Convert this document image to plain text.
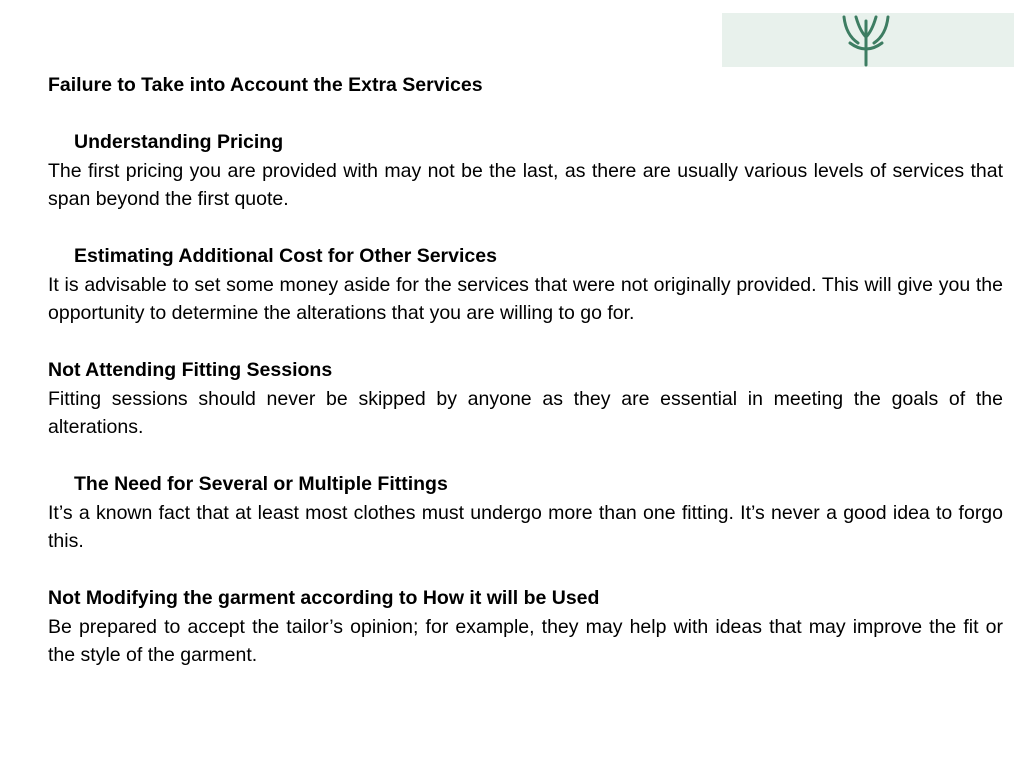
Failure to Take into Account the Extra Services

Understanding Pricing

The first pricing you are provided with may not be the last, as there are usually various levels of services that span beyond the first quote.

Estimating Additional Cost for Other Services

It is advisable to set some money aside for the services that were not originally provided. This will give you the opportunity to determine the alterations that you are willing to go for.

Not Attending Fitting Sessions

Fitting sessions should never be skipped by anyone as they are essential in meeting the goals of the alterations.

The Need for Several or Multiple Fittings

It’s a known fact that at least most clothes must undergo more than one fitting. It’s never a good idea to forgo this.

Not Modifying the garment according to How it will be Used

Be prepared to accept the tailor’s opinion; for example, they may help with ideas that may improve the fit or the style of the garment.
